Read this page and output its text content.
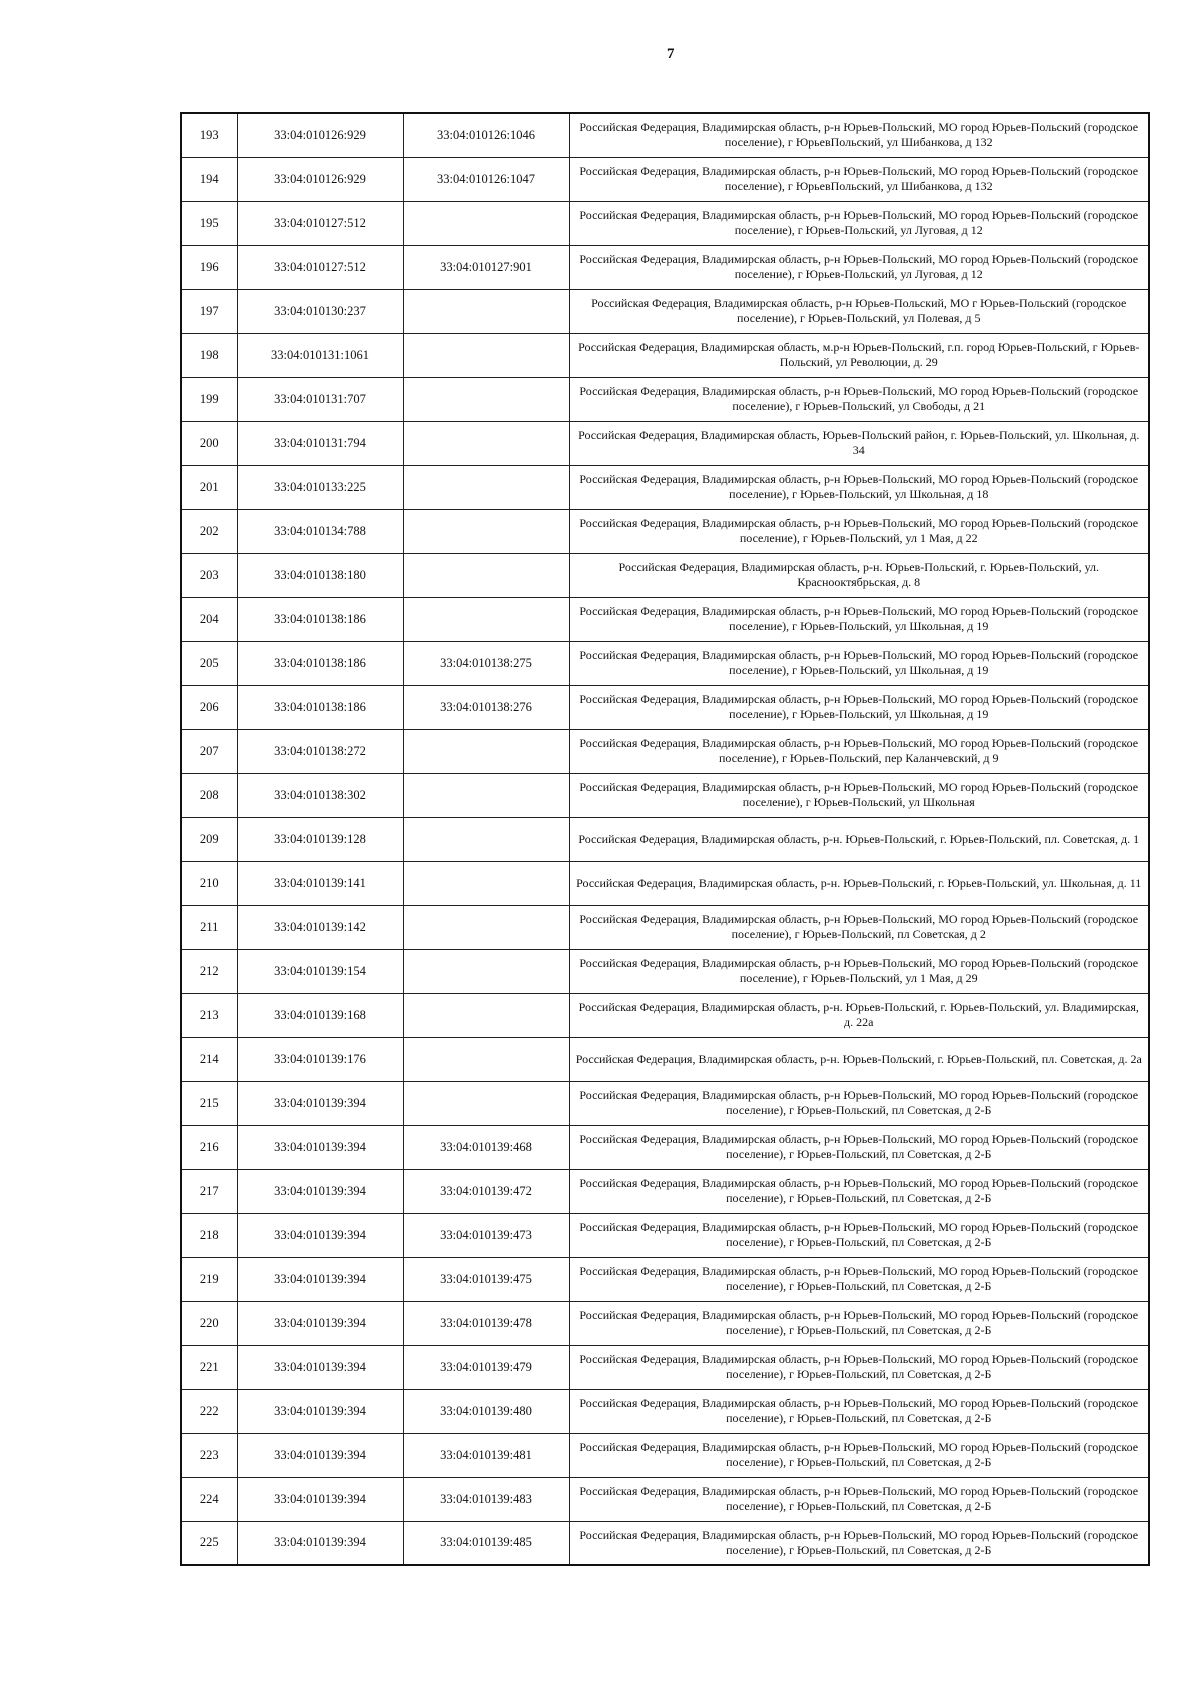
7
193	33:04:010126:929	33:04:010126:1046	Российская Федерация, Владимирская область, р-н Юрьев-Польский, МО город Юрьев-Польский (городское поселение), г ЮрьевПольский, ул Шибанкова, д 132
194	33:04:010126:929	33:04:010126:1047	Российская Федерация, Владимирская область, р-н Юрьев-Польский, МО город Юрьев-Польский (городское поселение), г ЮрьевПольский, ул Шибанкова, д 132
195	33:04:010127:512		Российская Федерация, Владимирская область, р-н Юрьев-Польский, МО город Юрьев-Польский (городское поселение), г Юрьев-Польский, ул Луговая, д 12
196	33:04:010127:512	33:04:010127:901	Российская Федерация, Владимирская область, р-н Юрьев-Польский, МО город Юрьев-Польский (городское поселение), г Юрьев-Польский, ул Луговая, д 12
197	33:04:010130:237		Российская Федерация, Владимирская область, р-н Юрьев-Польский, МО г Юрьев-Польский (городское поселение), г Юрьев-Польский, ул Полевая, д 5
198	33:04:010131:1061		Российская Федерация, Владимирская область, м.р-н Юрьев-Польский, г.п. город Юрьев-Польский, г Юрьев-Польский, ул Революции, д. 29
199	33:04:010131:707		Российская Федерация, Владимирская область, р-н Юрьев-Польский, МО город Юрьев-Польский (городское поселение), г Юрьев-Польский, ул Свободы, д 21
200	33:04:010131:794		Российская Федерация, Владимирская область, Юрьев-Польский район, г. Юрьев-Польский, ул. Школьная, д. 34
201	33:04:010133:225		Российская Федерация, Владимирская область, р-н Юрьев-Польский, МО город Юрьев-Польский (городское поселение), г Юрьев-Польский, ул Школьная, д 18
202	33:04:010134:788		Российская Федерация, Владимирская область, р-н Юрьев-Польский, МО город Юрьев-Польский (городское поселение), г Юрьев-Польский, ул 1 Мая, д 22
203	33:04:010138:180		Российская Федерация, Владимирская область, р-н. Юрьев-Польский, г. Юрьев-Польский, ул. Краснооктябрьская, д. 8
204	33:04:010138:186		Российская Федерация, Владимирская область, р-н Юрьев-Польский, МО город Юрьев-Польский (городское поселение), г Юрьев-Польский, ул Школьная, д 19
205	33:04:010138:186	33:04:010138:275	Российская Федерация, Владимирская область, р-н Юрьев-Польский, МО город Юрьев-Польский (городское поселение), г Юрьев-Польский, ул Школьная, д 19
206	33:04:010138:186	33:04:010138:276	Российская Федерация, Владимирская область, р-н Юрьев-Польский, МО город Юрьев-Польский (городское поселение), г Юрьев-Польский, ул Школьная, д 19
207	33:04:010138:272		Российская Федерация, Владимирская область, р-н Юрьев-Польский, МО город Юрьев-Польский (городское поселение), г Юрьев-Польский, пер Каланчевский, д 9
208	33:04:010138:302		Российская Федерация, Владимирская область, р-н Юрьев-Польский, МО город Юрьев-Польский (городское поселение), г Юрьев-Польский, ул Школьная
209	33:04:010139:128		Российская Федерация, Владимирская область, р-н. Юрьев-Польский, г. Юрьев-Польский, пл. Советская, д. 1
210	33:04:010139:141		Российская Федерация, Владимирская область, р-н. Юрьев-Польский, г. Юрьев-Польский, ул. Школьная, д. 11
211	33:04:010139:142		Российская Федерация, Владимирская область, р-н Юрьев-Польский, МО город Юрьев-Польский (городское поселение), г Юрьев-Польский, пл Советская, д 2
212	33:04:010139:154		Российская Федерация, Владимирская область, р-н Юрьев-Польский, МО город Юрьев-Польский (городское поселение), г Юрьев-Польский, ул 1 Мая, д 29
213	33:04:010139:168		Российская Федерация, Владимирская область, р-н. Юрьев-Польский, г. Юрьев-Польский, ул. Владимирская, д. 22а
214	33:04:010139:176		Российская Федерация, Владимирская область, р-н. Юрьев-Польский, г. Юрьев-Польский, пл. Советская, д. 2а
215	33:04:010139:394		Российская Федерация, Владимирская область, р-н Юрьев-Польский, МО город Юрьев-Польский (городское поселение), г Юрьев-Польский, пл Советская, д 2-Б
216	33:04:010139:394	33:04:010139:468	Российская Федерация, Владимирская область, р-н Юрьев-Польский, МО город Юрьев-Польский (городское поселение), г Юрьев-Польский, пл Советская, д 2-Б
217	33:04:010139:394	33:04:010139:472	Российская Федерация, Владимирская область, р-н Юрьев-Польский, МО город Юрьев-Польский (городское поселение), г Юрьев-Польский, пл Советская, д 2-Б
218	33:04:010139:394	33:04:010139:473	Российская Федерация, Владимирская область, р-н Юрьев-Польский, МО город Юрьев-Польский (городское поселение), г Юрьев-Польский, пл Советская, д 2-Б
219	33:04:010139:394	33:04:010139:475	Российская Федерация, Владимирская область, р-н Юрьев-Польский, МО город Юрьев-Польский (городское поселение), г Юрьев-Польский, пл Советская, д 2-Б
220	33:04:010139:394	33:04:010139:478	Российская Федерация, Владимирская область, р-н Юрьев-Польский, МО город Юрьев-Польский (городское поселение), г Юрьев-Польский, пл Советская, д 2-Б
221	33:04:010139:394	33:04:010139:479	Российская Федерация, Владимирская область, р-н Юрьев-Польский, МО город Юрьев-Польский (городское поселение), г Юрьев-Польский, пл Советская, д 2-Б
222	33:04:010139:394	33:04:010139:480	Российская Федерация, Владимирская область, р-н Юрьев-Польский, МО город Юрьев-Польский (городское поселение), г Юрьев-Польский, пл Советская, д 2-Б
223	33:04:010139:394	33:04:010139:481	Российская Федерация, Владимирская область, р-н Юрьев-Польский, МО город Юрьев-Польский (городское поселение), г Юрьев-Польский, пл Советская, д 2-Б
224	33:04:010139:394	33:04:010139:483	Российская Федерация, Владимирская область, р-н Юрьев-Польский, МО город Юрьев-Польский (городское поселение), г Юрьев-Польский, пл Советская, д 2-Б
225	33:04:010139:394	33:04:010139:485	Российская Федерация, Владимирская область, р-н Юрьев-Польский, МО город Юрьев-Польский (городское поселение), г Юрьев-Польский, пл Советская, д 2-Б
